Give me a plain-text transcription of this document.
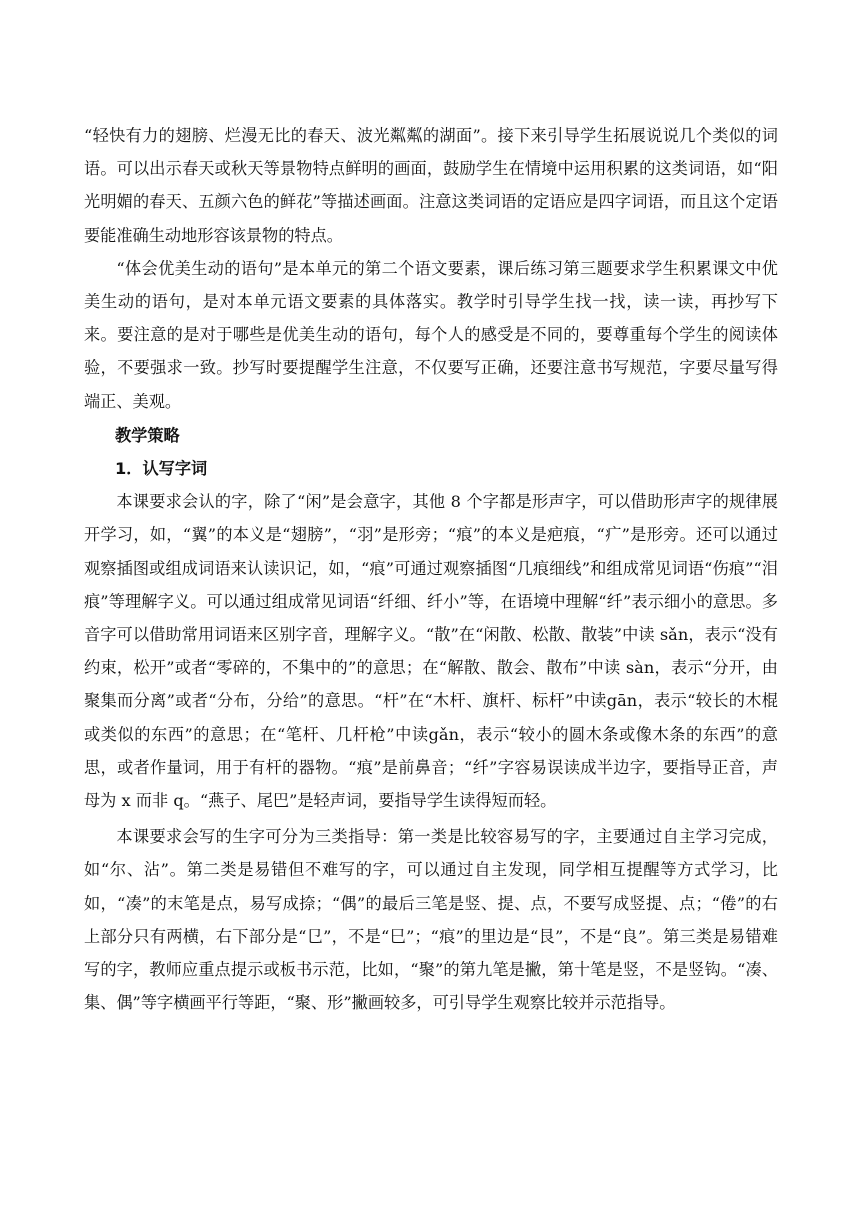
“轻快有力的翅膀、烂漫无比的春天、波光粼粼的湖面”。接下来引导学生拓展说说几个类似的词语。可以出示春天或秋天等景物特点鲜明的画面，鼓励学生在情境中运用积累的这类词语，如“阳光明媚的春天、五颜六色的鲜花”等描述画面。注意这类词语的定语应是四字词语，而且这个定语要能准确生动地形容该景物的特点。

“体会优美生动的语句”是本单元的第二个语文要素，课后练习第三题要求学生积累课文中优美生动的语句，是对本单元语文要素的具体落实。教学时引导学生找一找，读一读，再抄写下来。要注意的是对于哪些是优美生动的语句，每个人的感受是不同的，要尊重每个学生的阅读体验，不要强求一致。抄写时要提醒学生注意，不仅要写正确，还要注意书写规范，字要尽量写得端正、美观。

教学策略

1．认写字词

本课要求会认的字，除了“闲”是会意字，其他 8 个字都是形声字，可以借助形声字的规律展开学习，如，“翼”的本义是“翅膀”，“羽”是形旁；“痕”的本义是疤痕，“疒”是形旁。还可以通过观察插图或组成词语来认读识记，如，“痕”可通过观察插图“几痕细线”和组成常见词语“伤痕”“泪痕”等理解字义。可以通过组成常见词语“纤细、纤小”等，在语境中理解“纤”表示细小的意思。多音字可以借助常用词语来区别字音，理解字义。“散”在“闲散、松散、散装”中读 sǎn，表示“没有约束，松开”或者“零碎的，不集中的”的意思；在“解散、散会、散布”中读 sàn，表示“分开，由聚集而分离”或者“分布，分给”的意思。“杆”在“木杆、旗杆、标杆”中读gān，表示“较长的木棍或类似的东西”的意思；在“笔杆、几杆枪”中读gǎn，表示“较小的圆木条或像木条的东西”的意思，或者作量词，用于有杆的器物。“痕”是前鼻音；“纤”字容易误读成半边字，要指导正音，声母为 x 而非 q。“燕子、尾巴”是轻声词，要指导学生读得短而轻。

本课要求会写的生字可分为三类指导：第一类是比较容易写的字，主要通过自主学习完成，如“尔、沾”。第二类是易错但不难写的字，可以通过自主发现，同学相互提醒等方式学习，比如，“凑”的末笔是点，易写成捺；“偶”的最后三笔是竖、提、点，不要写成竖提、点；“倦”的右上部分只有两横，右下部分是“㔾”，不是“巳”；“痕”的里边是“艮”，不是“良”。第三类是易错难写的字，教师应重点提示或板书示范，比如，“聚”的第九笔是撇，第十笔是竖，不是竖钩。“凑、集、偶”等字横画平行等距，“聚、形”撇画较多，可引导学生观察比较并示范指导。
